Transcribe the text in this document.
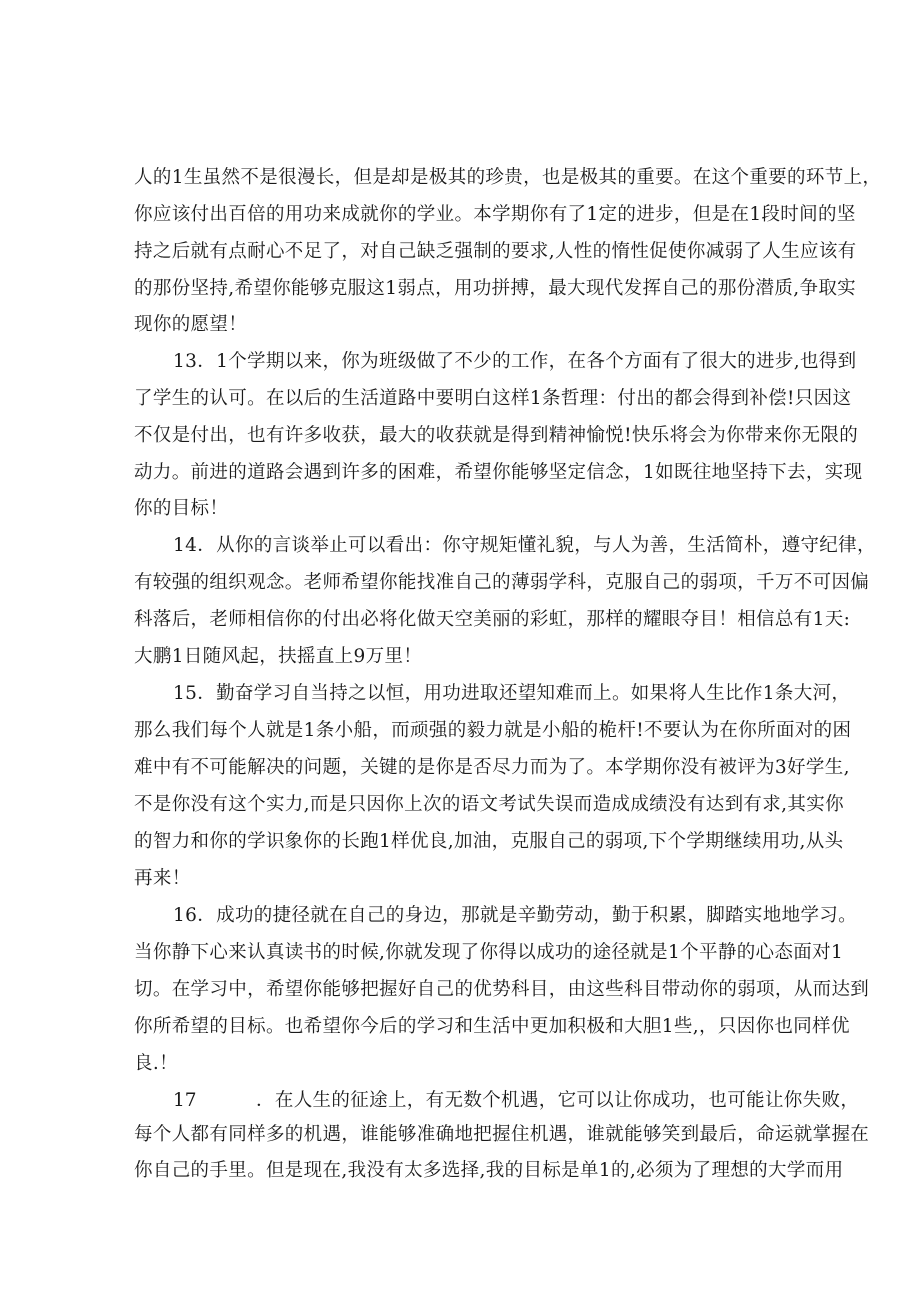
人的1生虽然不是很漫长，但是却是极其的珍贵，也是极其的重要。在这个重要的环节上，
你应该付出百倍的用功来成就你的学业。本学期你有了1定的进步，但是在1段时间的坚
持之后就有点耐心不足了，对自己缺乏强制的要求,人性的惰性促使你减弱了人生应该有
的那份坚持,希望你能够克服这1弱点，用功拼搏，最大现代发挥自己的那份潜质,争取实
现你的愿望！
13．1个学期以来，你为班级做了不少的工作，在各个方面有了很大的进步,也得到
了学生的认可。在以后的生活道路中要明白这样1条哲理：付出的都会得到补偿!只因这
不仅是付出，也有许多收获，最大的收获就是得到精神愉悦!快乐将会为你带来你无限的
动力。前进的道路会遇到许多的困难，希望你能够坚定信念，1如既往地坚持下去，实现
你的目标！
14．从你的言谈举止可以看出：你守规矩懂礼貌，与人为善，生活简朴，遵守纪律，
有较强的组织观念。老师希望你能找准自己的薄弱学科，克服自己的弱项，千万不可因偏
科落后，老师相信你的付出必将化做天空美丽的彩虹，那样的耀眼夺目！相信总有1天:
大鹏1日随风起，扶摇直上9万里！
15．勤奋学习自当持之以恒，用功进取还望知难而上。如果将人生比作1条大河，
那么我们每个人就是1条小船，而顽强的毅力就是小船的桅杆!不要认为在你所面对的困
难中有不可能解决的问题，关键的是你是否尽力而为了。本学期你没有被评为3好学生,
不是你没有这个实力,而是只因你上次的语文考试失误而造成成绩没有达到有求,其实你
的智力和你的学识象你的长跑1样优良,加油，克服自己的弱项,下个学期继续用功,从头
再来！
16．成功的捷径就在自己的身边，那就是辛勤劳动，勤于积累，脚踏实地地学习。
当你静下心来认真读书的时候,你就发现了你得以成功的途径就是1个平静的心态面对1
切。在学习中，希望你能够把握好自己的优势科目，由这些科目带动你的弱项，从而达到
你所希望的目标。也希望你今后的学习和生活中更加积极和大胆1些,，只因你也同样优
良.！
17	．在人生的征途上，有无数个机遇，它可以让你成功，也可能让你失败，
每个人都有同样多的机遇，谁能够准确地把握住机遇，谁就能够笑到最后，命运就掌握在
你自己的手里。但是现在,我没有太多选择,我的目标是单1的,必须为了理想的大学而用
